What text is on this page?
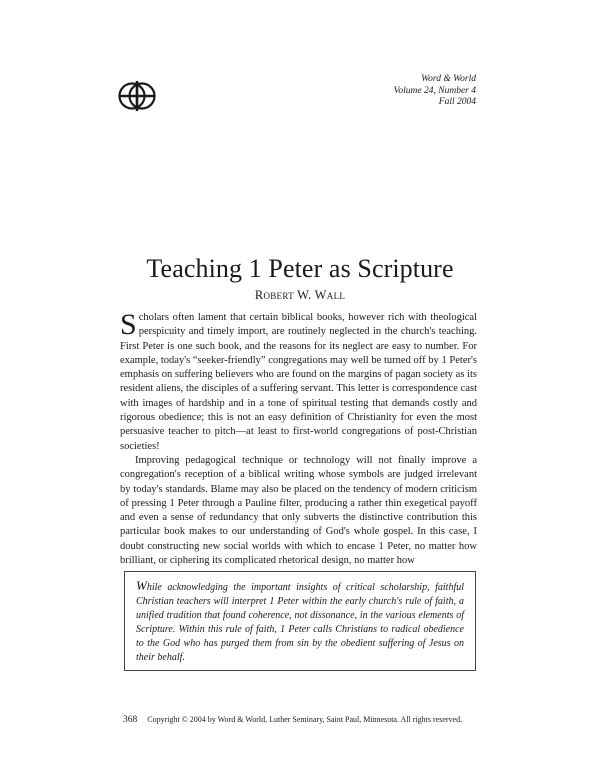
Word & World
Volume 24, Number 4
Fall 2004
Teaching 1 Peter as Scripture
Robert W. Wall

Scholars often lament that certain biblical books, however rich with theological perspicuity and timely import, are routinely neglected in the church's teaching. First Peter is one such book, and the reasons for its neglect are easy to number. For example, today's “seeker-friendly” congregations may well be turned off by 1 Peter's emphasis on suffering believers who are found on the margins of pagan society as its resident aliens, the disciples of a suffering servant. This letter is correspondence cast with images of hardship and in a tone of spiritual testing that demands costly and rigorous obedience; this is not an easy definition of Christianity for even the most persuasive teacher to pitch—at least to first-world congregations of post-Christian societies!

Improving pedagogical technique or technology will not finally improve a congregation's reception of a biblical writing whose symbols are judged irrelevant by today's standards. Blame may also be placed on the tendency of modern criticism of pressing 1 Peter through a Pauline filter, producing a rather thin exegetical payoff and even a sense of redundancy that only subverts the distinctive contribution this particular book makes to our understanding of God's whole gospel. In this case, I doubt constructing new social worlds with which to encase 1 Peter, no matter how brilliant, or ciphering its complicated rhetorical design, no matter how

While acknowledging the important insights of critical scholarship, faithful Christian teachers will interpret 1 Peter within the early church's rule of faith, a unified tradition that found coherence, not dissonance, in the various elements of Scripture. Within this rule of faith, 1 Peter calls Christians to radical obedience to the God who has purged them from sin by the obedient suffering of Jesus on their behalf.
368 Copyright © 2004 by Word & World, Luther Seminary, Saint Paul, Minnesota. All rights reserved.
